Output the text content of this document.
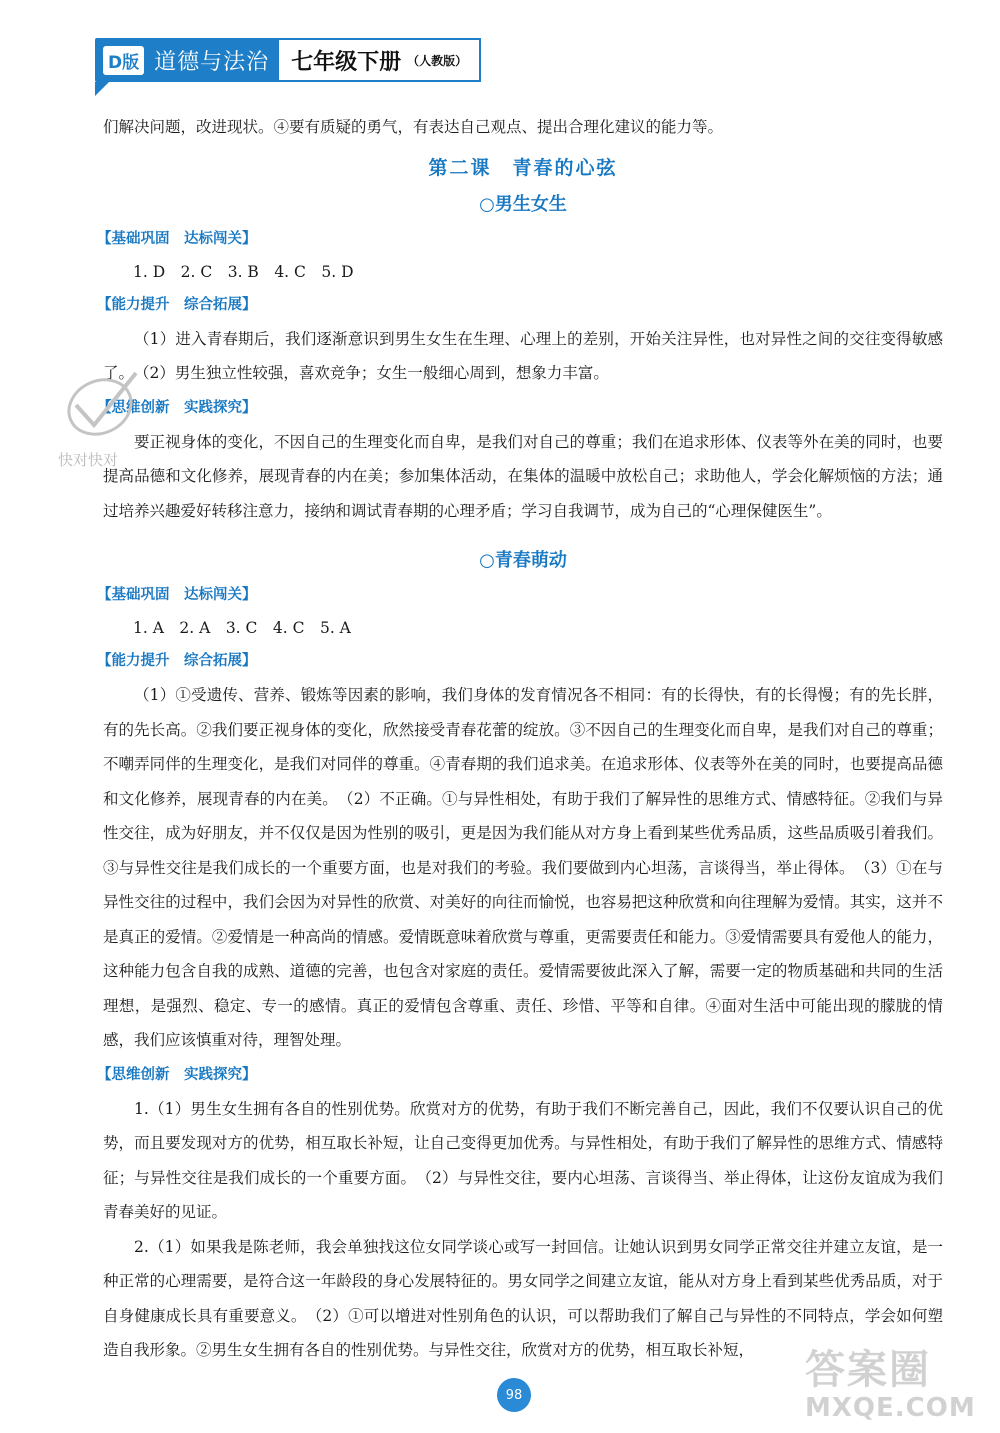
D版 道德与法治 七年级下册 （人教版）

们解决问题，改进现状。④要有质疑的勇气，有表达自己观点、提出合理化建议的能力等。

第二课　青春的心弦
○男生女生
【基础巩固　达标闯关】

1. D　2. C　3. B　4. C　5. D

【能力提升　综合拓展】

（1）进入青春期后，我们逐渐意识到男生女生在生理、心理上的差别，开始关注异性，也对异性之间的交往变得敏感了。　（2）男生独立性较强，喜欢竞争；女生一般细心周到，想象力丰富。

【思维创新　实践探究】

要正视身体的变化，不因自己的生理变化而自卑，是我们对自己的尊重；我们在追求形体、仪表等外在美的同时，也要提高品德和文化修养，展现青春的内在美；参加集体活动，在集体的温暖中放松自己；求助他人，学会化解烦恼的方法；通过培养兴趣爱好转移注意力，接纳和调试青春期的心理矛盾；学习自我调节，成为自己的“心理保健医生”。

○青春萌动
【基础巩固　达标闯关】

1. A　2. A　3. C　4. C　5. A

【能力提升　综合拓展】

（1）①受遗传、营养、锻炼等因素的影响，我们身体的发育情况各不相同：有的长得快，有的长得慢；有的先长胖，有的先长高。②我们要正视身体的变化，欣然接受青春花蕾的绽放。③不因自己的生理变化而自卑，是我们对自己的尊重；不嘲弄同伴的生理变化，是我们对同伴的尊重。④青春期的我们追求美。在追求形体、仪表等外在美的同时，也要提高品德和文化修养，展现青春的内在美。　（2）不正确。①与异性相处，有助于我们了解异性的思维方式、情感特征。②我们与异性交往，成为好朋友，并不仅仅是因为性别的吸引，更是因为我们能从对方身上看到某些优秀品质，这些品质吸引着我们。③与异性交往是我们成长的一个重要方面，也是对我们的考验。我们要做到内心坦荡，言谈得当，举止得体。　（3）①在与异性交往的过程中，我们会因为对异性的欣赏、对美好的向往而愉悦，也容易把这种欣赏和向往理解为爱情。其实，这并不是真正的爱情。②爱情是一种高尚的情感。爱情既意味着欣赏与尊重，更需要责任和能力。③爱情需要具有爱他人的能力，这种能力包含自我的成熟、道德的完善，也包含对家庭的责任。爱情需要彼此深入了解，需要一定的物质基础和共同的生活理想，是强烈、稳定、专一的感情。真正的爱情包含尊重、责任、珍惜、平等和自律。④面对生活中可能出现的朦胧的情感，我们应该慎重对待，理智处理。

【思维创新　实践探究】

1.（1）男生女生拥有各自的性别优势。欣赏对方的优势，有助于我们不断完善自己，因此，我们不仅要认识自己的优势，而且要发现对方的优势，相互取长补短，让自己变得更加优秀。与异性相处，有助于我们了解异性的思维方式、情感特征；与异性交往是我们成长的一个重要方面。　（2）与异性交往，要内心坦荡、言谈得当、举止得体，让这份友谊成为我们青春美好的见证。

2.（1）如果我是陈老师，我会单独找这位女同学谈心或写一封回信。让她认识到男女同学正常交往并建立友谊，是一种正常的心理需要，是符合这一年龄段的身心发展特征的。男女同学之间建立友谊，能从对方身上看到某些优秀品质，对于自身健康成长具有重要意义。　（2）①可以增进对性别角色的认识，可以帮助我们了解自己与异性的不同特点，学会如何塑造自我形象。②男生女生拥有各自的性别优势。与异性交往，欣赏对方的优势，相互取长补短，

快对快对
98
答案圈
MXQE.COM
